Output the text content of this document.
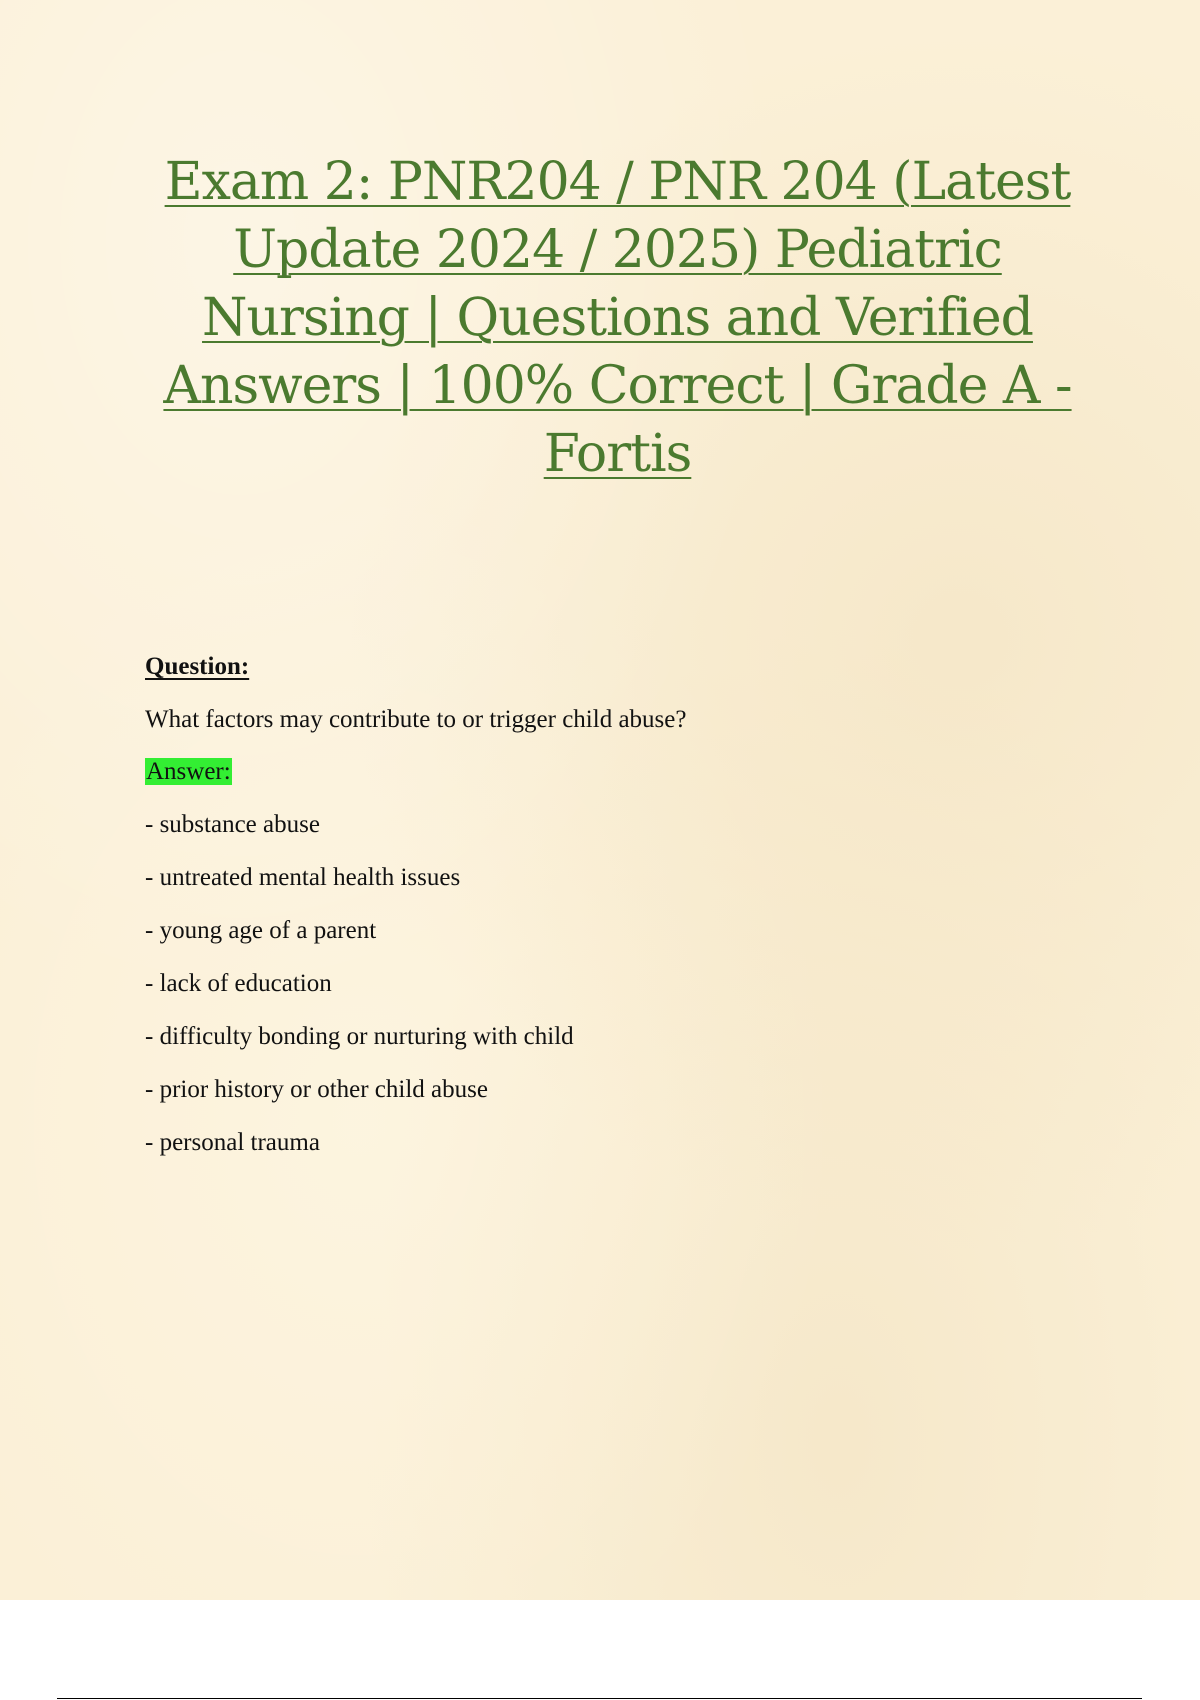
Exam 2: PNR204 / PNR 204 (Latest Update 2024 / 2025) Pediatric Nursing | Questions and Verified Answers | 100% Correct | Grade A - Fortis
Question:
What factors may contribute to or trigger child abuse?
Answer:
- substance abuse
- untreated mental health issues
- young age of a parent
- lack of education
- difficulty bonding or nurturing with child
- prior history or other child abuse
- personal trauma
